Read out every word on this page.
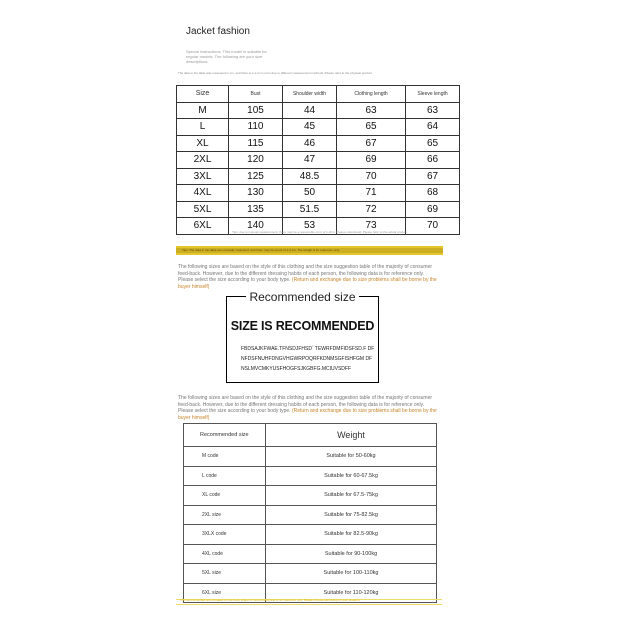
Jacket fashion
Special instructions: This model is suitable for regular models. The following are your size descriptions.
The data in the table was measured in cm, and there is a 1-3 cm error due to different measurement methods. Please refer to the physical product.
Size	Bust	Shoulder width	Clothing length	Sleeve length
M	105	44	63	63
L	110	45	65	64
XL	115	46	67	65
2XL	120	47	69	66
3XL	125	48.5	70	67
4XL	130	50	71	68
5XL	135	51.5	72	69
6XL	140	53	73	70
Tips: due to manual measurement, there may be a reasonable error of 1-3cm. Please understand. Please refer to the actual product.
Tips: The data in the table are manually measured, and there may be errors of 1-3 cm. The weight is for reference only.
The following sizes are based on the style of this clothing and the size suggestion table of the majority of consumer feed-back. However, due to the different dressing habits of each person, the following data is for reference only. Please select the size according to your body type. (Return and exchange due to size problems shall be borne by the buyer himself)
Recommended size
SIZE IS RECOMMENDED
FBDSAJKFWAE.TFNSDJFHSD´ TEWRFDMFIDSFSD.F DFNFDSFNUHFDNGVHGWRPOQRFKDNMSGFISHFGM DFNSLMVCMKYUSFHOGFSJKGBFG.MCIUVSDFF
The following sizes are based on the style of this clothing and the size suggestion table of the majority of consumer feed-back. However, due to the different dressing habits of each person, the following data is for reference only. Please select the size according to your body type. (Return and exchange due to size problems shall be borne by the buyer himself)
Recommended size	Weight
M code	Suitable for 50-60kg
L code	Suitable for 60-67.5kg
XL code	Suitable for 67.5-75kg
2XL size	Suitable for 75-82.5kg
3XLX code	Suitable for 82.5-90kg
4XL code	Suitable for 90-100kg
5XL size	Suitable for 100-110kg
6XL size	Suitable for 110-120kg
The recommended size is based on the body shape of most people and is for reference only. Please choose according to your situation.
